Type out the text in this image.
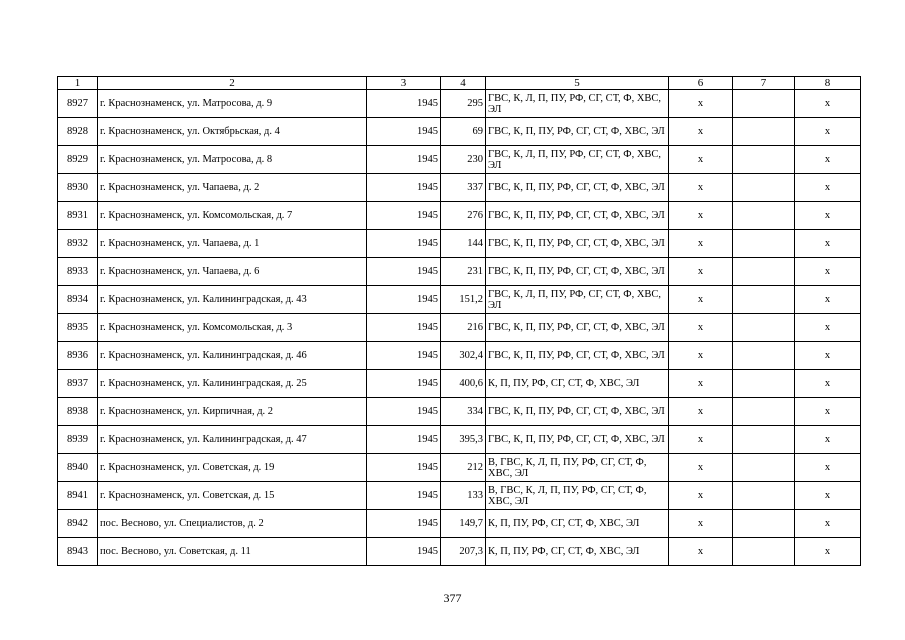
1	2	3	4	5	6	7	8
8927	г. Краснознаменск, ул. Матросова, д. 9	1945	295	ГВС, К, Л, П, ПУ, РФ, СГ, СТ, Ф, ХВС, ЭЛ	x		x
8928	г. Краснознаменск, ул. Октябрьская, д. 4	1945	69	ГВС, К, П, ПУ, РФ, СГ, СТ, Ф, ХВС, ЭЛ	x		x
8929	г. Краснознаменск, ул. Матросова, д. 8	1945	230	ГВС, К, Л, П, ПУ, РФ, СГ, СТ, Ф, ХВС, ЭЛ	x		x
8930	г. Краснознаменск, ул. Чапаева, д. 2	1945	337	ГВС, К, П, ПУ, РФ, СГ, СТ, Ф, ХВС, ЭЛ	x		x
8931	г. Краснознаменск, ул. Комсомольская, д. 7	1945	276	ГВС, К, П, ПУ, РФ, СГ, СТ, Ф, ХВС, ЭЛ	x		x
8932	г. Краснознаменск, ул. Чапаева, д. 1	1945	144	ГВС, К, П, ПУ, РФ, СГ, СТ, Ф, ХВС, ЭЛ	x		x
8933	г. Краснознаменск, ул. Чапаева, д. 6	1945	231	ГВС, К, П, ПУ, РФ, СГ, СТ, Ф, ХВС, ЭЛ	x		x
8934	г. Краснознаменск, ул. Калининградская, д. 43	1945	151,2	ГВС, К, Л, П, ПУ, РФ, СГ, СТ, Ф, ХВС, ЭЛ	x		x
8935	г. Краснознаменск, ул. Комсомольская, д. 3	1945	216	ГВС, К, П, ПУ, РФ, СГ, СТ, Ф, ХВС, ЭЛ	x		x
8936	г. Краснознаменск, ул. Калининградская, д. 46	1945	302,4	ГВС, К, П, ПУ, РФ, СГ, СТ, Ф, ХВС, ЭЛ	x		x
8937	г. Краснознаменск, ул. Калининградская, д. 25	1945	400,6	К, П, ПУ, РФ, СГ, СТ, Ф, ХВС, ЭЛ	x		x
8938	г. Краснознаменск, ул. Кирпичная, д. 2	1945	334	ГВС, К, П, ПУ, РФ, СГ, СТ, Ф, ХВС, ЭЛ	x		x
8939	г. Краснознаменск, ул. Калининградская, д. 47	1945	395,3	ГВС, К, П, ПУ, РФ, СГ, СТ, Ф, ХВС, ЭЛ	x		x
8940	г. Краснознаменск, ул. Советская, д. 19	1945	212	В, ГВС, К, Л, П, ПУ, РФ, СГ, СТ, Ф, ХВС, ЭЛ	x		x
8941	г. Краснознаменск, ул. Советская, д. 15	1945	133	В, ГВС, К, Л, П, ПУ, РФ, СГ, СТ, Ф, ХВС, ЭЛ	x		x
8942	пос. Весново, ул. Специалистов, д. 2	1945	149,7	К, П, ПУ, РФ, СГ, СТ, Ф, ХВС, ЭЛ	x		x
8943	пос. Весново, ул. Советская, д. 11	1945	207,3	К, П, ПУ, РФ, СГ, СТ, Ф, ХВС, ЭЛ	x		x
377
